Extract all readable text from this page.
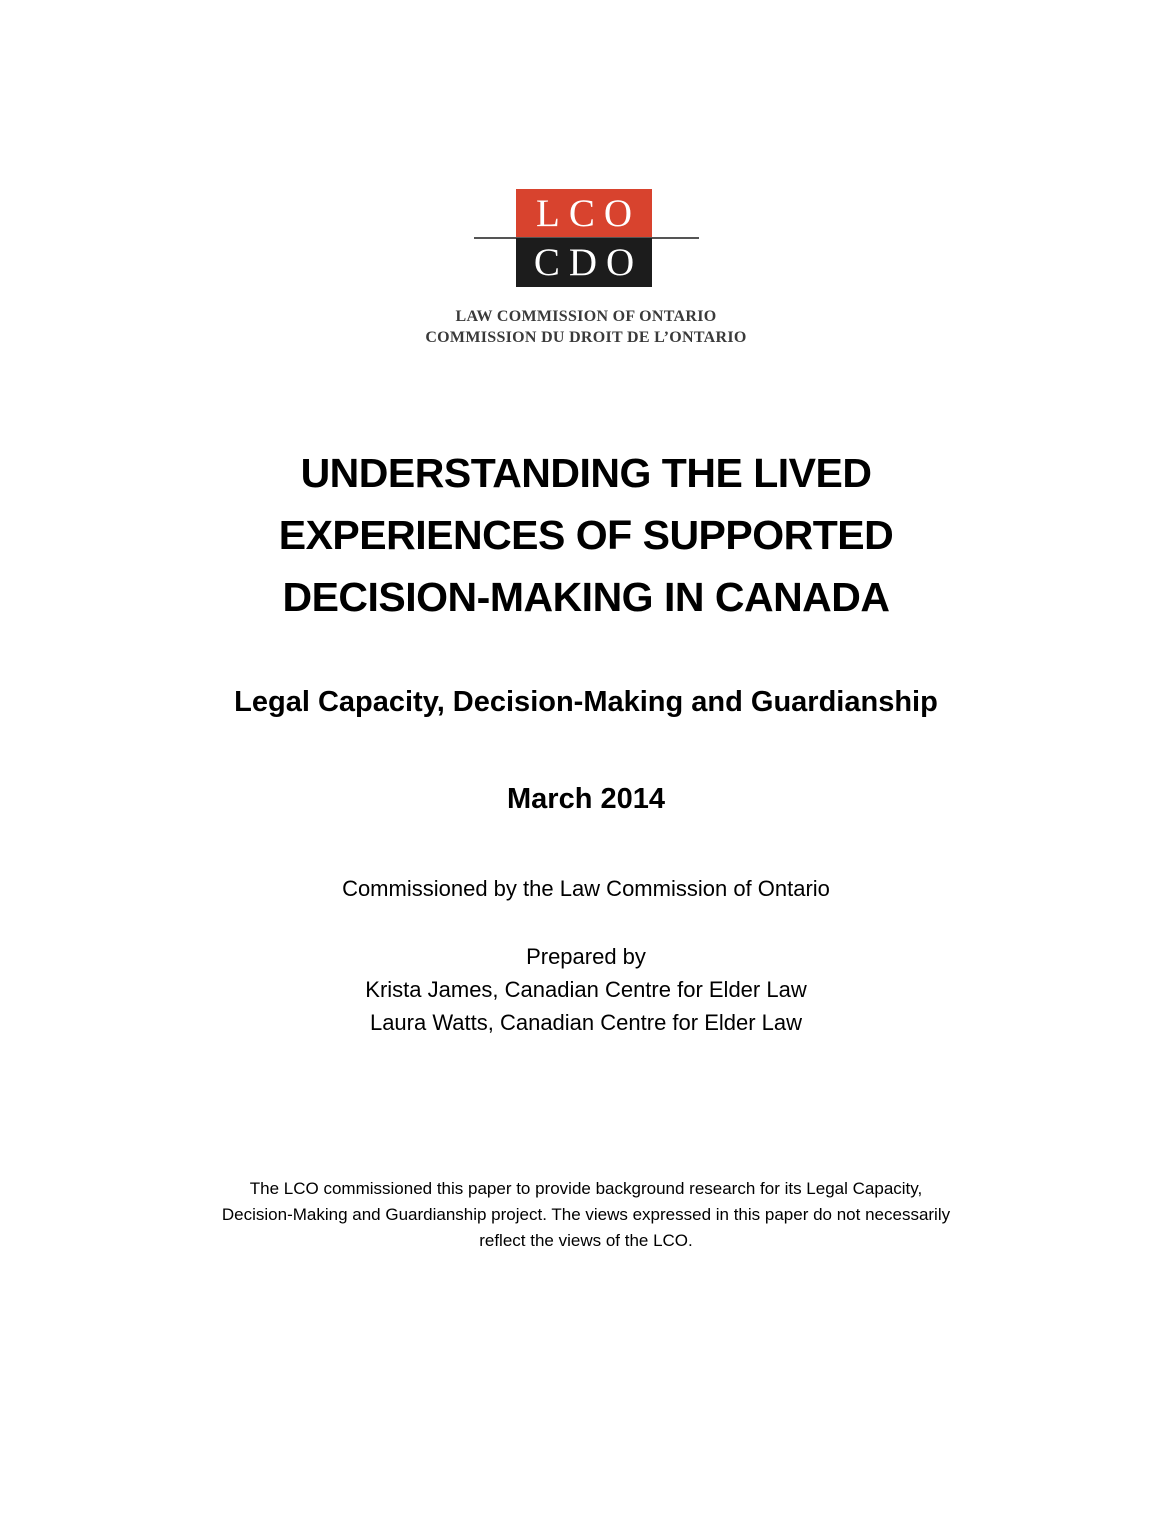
LCO
CDO
LAW COMMISSION OF ONTARIO
COMMISSION DU DROIT DE L’ONTARIO
UNDERSTANDING THE LIVED
EXPERIENCES OF SUPPORTED
DECISION-MAKING IN CANADA
Legal Capacity, Decision-Making and Guardianship
March 2014
Commissioned by the Law Commission of Ontario
Prepared by
Krista James, Canadian Centre for Elder Law
Laura Watts, Canadian Centre for Elder Law
The LCO commissioned this paper to provide background research for its Legal Capacity,
Decision-Making and Guardianship project. The views expressed in this paper do not necessarily
reflect the views of the LCO.
